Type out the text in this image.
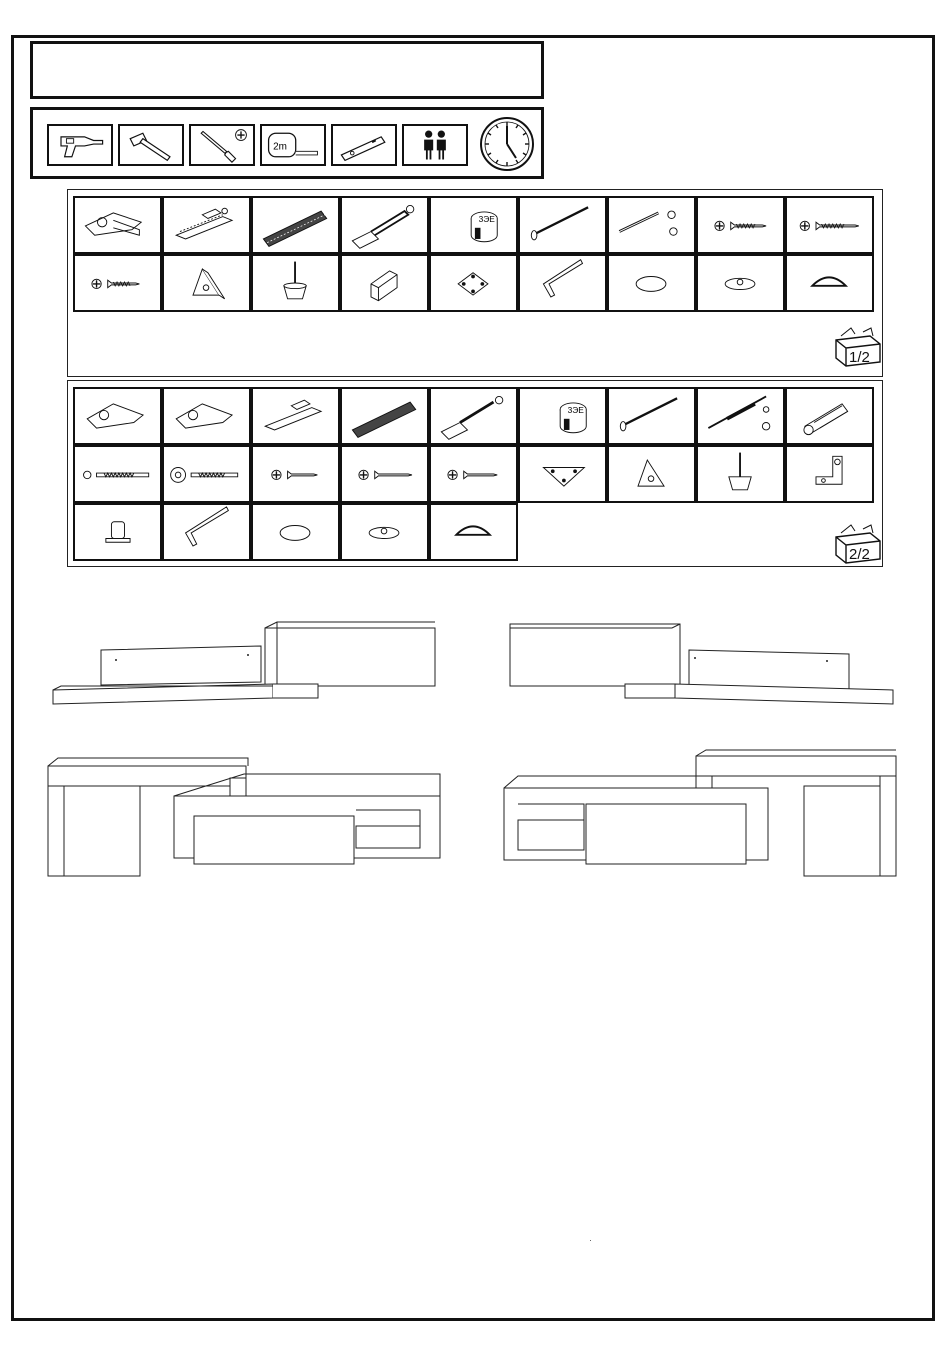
2m
3ЭЕ
1/2
3ЭЕ
2/2
